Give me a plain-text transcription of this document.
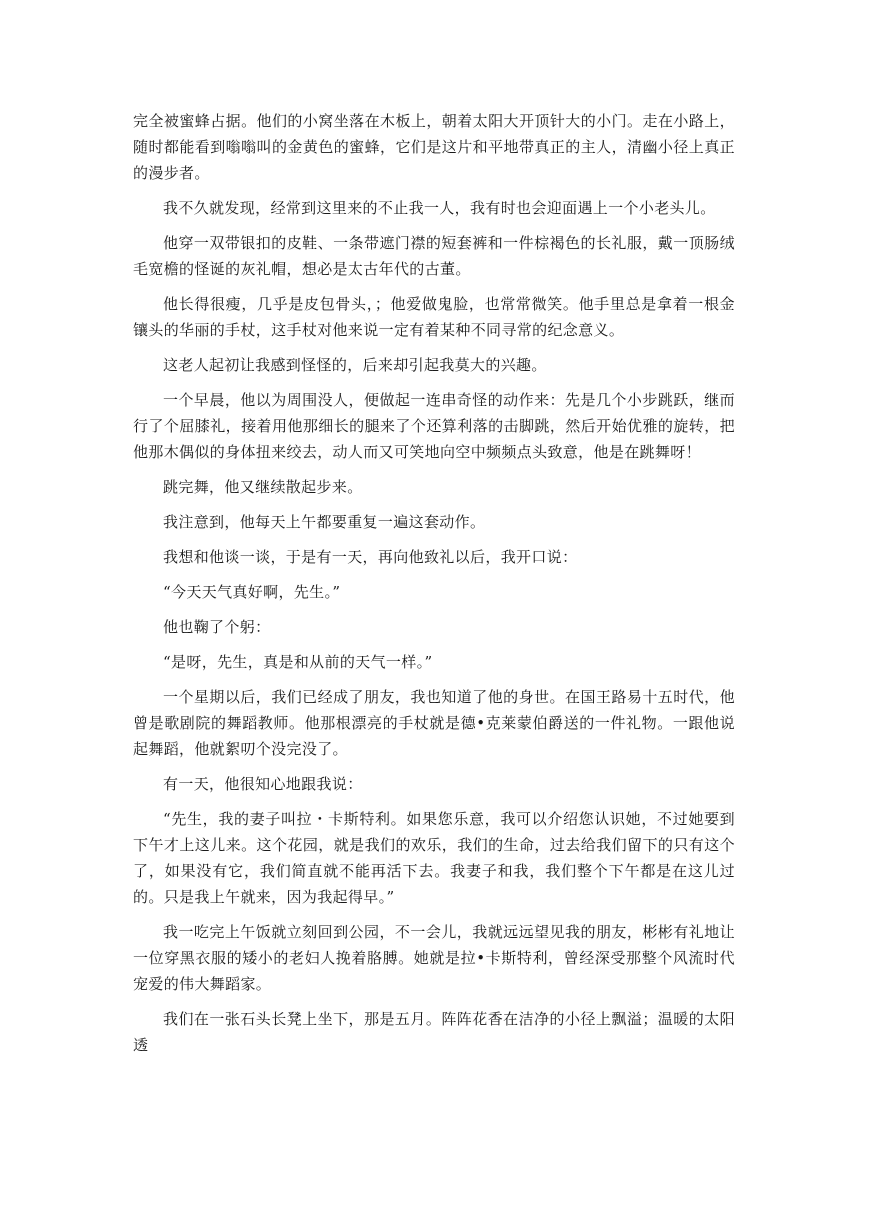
完全被蜜蜂占据。他们的小窝坐落在木板上，朝着太阳大开顶针大的小门。走在小路上，随时都能看到嗡嗡叫的金黄色的蜜蜂，它们是这片和平地带真正的主人，清幽小径上真正的漫步者。

我不久就发现，经常到这里来的不止我一人，我有时也会迎面遇上一个小老头儿。

他穿一双带银扣的皮鞋、一条带遮门襟的短套裤和一件棕褐色的长礼服，戴一顶肠绒毛宽檐的怪诞的灰礼帽，想必是太古年代的古董。

他长得很瘦，几乎是皮包骨头，；他爱做鬼脸，也常常微笑。他手里总是拿着一根金镶头的华丽的手杖，这手杖对他来说一定有着某种不同寻常的纪念意义。

这老人起初让我感到怪怪的，后来却引起我莫大的兴趣。

一个早晨，他以为周围没人，便做起一连串奇怪的动作来：先是几个小步跳跃，继而行了个屈膝礼，接着用他那细长的腿来了个还算利落的击脚跳，然后开始优雅的旋转，把他那木偶似的身体扭来绞去，动人而又可笑地向空中频频点头致意，他是在跳舞呀！

跳完舞，他又继续散起步来。

我注意到，他每天上午都要重复一遍这套动作。

我想和他谈一谈，于是有一天，再向他致礼以后，我开口说：

“今天天气真好啊，先生。”

他也鞠了个躬：

“是呀，先生，真是和从前的天气一样。”

一个星期以后，我们已经成了朋友，我也知道了他的身世。在国王路易十五时代，他曾是歌剧院的舞蹈教师。他那根漂亮的手杖就是德•克莱蒙伯爵送的一件礼物。一跟他说起舞蹈，他就絮叨个没完没了。

有一天，他很知心地跟我说：

“先生，我的妻子叫拉・卡斯特利。如果您乐意，我可以介绍您认识她，不过她要到下午才上这儿来。这个花园，就是我们的欢乐，我们的生命，过去给我们留下的只有这个了，如果没有它，我们简直就不能再活下去。我妻子和我，我们整个下午都是在这儿过的。只是我上午就来，因为我起得早。”

我一吃完上午饭就立刻回到公园，不一会儿，我就远远望见我的朋友，彬彬有礼地让一位穿黑衣服的矮小的老妇人挽着胳膊。她就是拉•卡斯特利，曾经深受那整个风流时代宠爱的伟大舞蹈家。

我们在一张石头长凳上坐下，那是五月。阵阵花香在洁净的小径上飘溢；温暖的太阳透
